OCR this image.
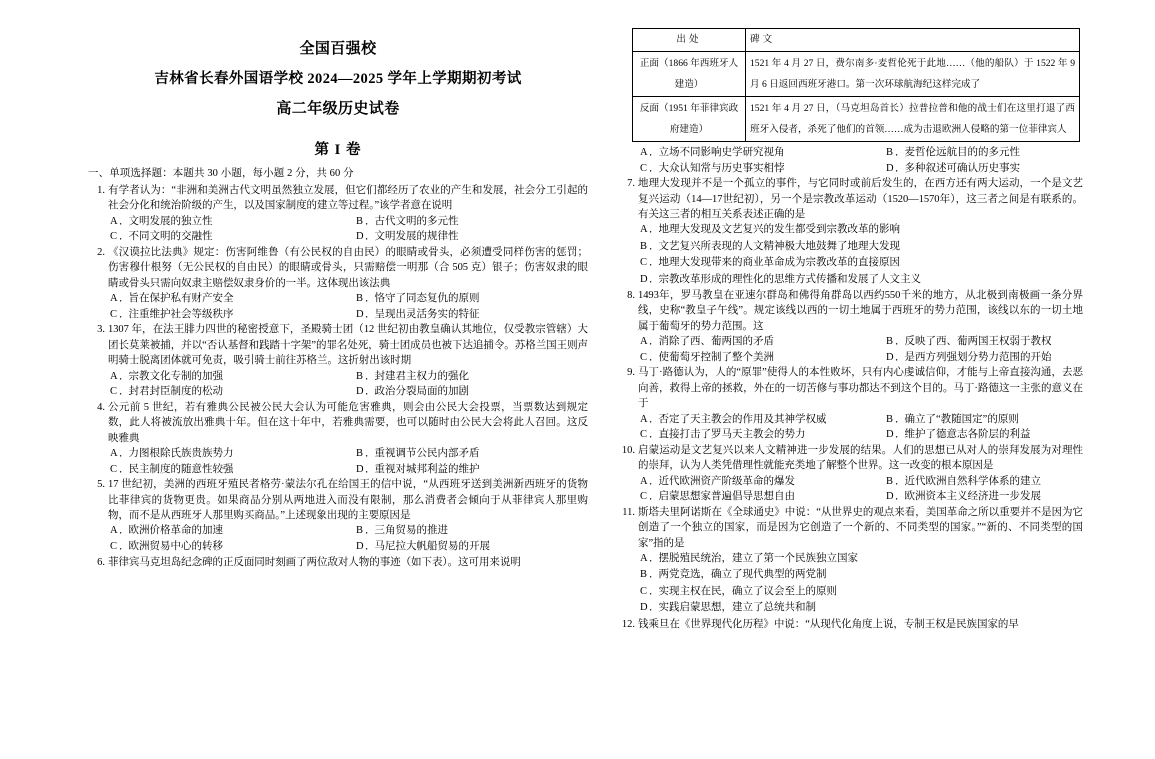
全国百强校
吉林省长春外国语学校 2024—2025 学年上学期期初考试
高二年级历史试卷
第 I 卷
一、单项选择题：本题共 30 小题，每小题 2 分，共 60 分
1. 有学者认为：“非洲和美洲古代文明虽然独立发展，但它们都经历了农业的产生和发展，社会分工引起的社会分化和统治阶级的产生，以及国家制度的建立等过程。”该学者意在说明
A．文明发展的独立性	B ．古代文明的多元性
C ．不同文明的交融性	D．文明发展的规律性
2. 《汉谟拉比法典》规定：伤害阿维鲁（有公民权的自由民）的眼睛或骨头，必须遭受同样伤害的惩罚；伤害穆什根努（无公民权的自由民）的眼睛或骨头，只需赔偿一明那（合 505 克）银子；伤害奴隶的眼睛或骨头只需向奴隶主赔偿奴隶身价的一半。这体现出该法典
A．旨在保护私有财产安全	B ．恪守了同态复仇的原则
C ．注重维护社会等级秩序	D．呈现出灵活务实的特征
3. 1307 年，在法王腓力四世的秘密授意下，圣殿骑士团（12 世纪初由教皇确认其地位，仅受教宗管辖）大团长莫莱被捕，并以“否认基督和践踏十字架”的罪名处死，骑士团成员也被下达追捕令。苏格兰国王则声明骑士脱离团体就可免责，吸引骑士前往苏格兰。这折射出该时期
A．宗教文化专制的加强	B ．封建君主权力的强化
C ．封君封臣制度的松动	D．政治分裂局面的加剧
4. 公元前 5 世纪，若有雅典公民被公民大会认为可能危害雅典，则会由公民大会投票，当票数达到规定数，此人将被流放出雅典十年。但在这十年中，若雅典需要，也可以随时由公民大会将此人召回。这反映雅典
A．力图根除氏族贵族势力	B ．重视调节公民内部矛盾
C ．民主制度的随意性较强	D．重视对城邦利益的维护
5. 17 世纪初，美洲的西班牙殖民者格劳·蒙法尔孔在给国王的信中说，“从西班牙送到美洲新西班牙的货物比菲律宾的货物更贵。如果商品分别从两地进入而没有限制，那么消费者会倾向于从菲律宾人那里购物，而不是从西班牙人那里购买商品。”上述现象出现的主要原因是
A．欧洲价格革命的加速	B ．三角贸易的推进
C ．欧洲贸易中心的转移	D．马尼拉大帆船贸易的开展
6. 菲律宾马克坦岛纪念碑的正反面同时刻画了两位敌对人物的事迹（如下表）。这可用来说明
出处	碑文
正面（1866 年西班牙人建造）	1521 年 4 月 27 日，费尔南多·麦哲伦死于此地……（他的船队）于 1522 年 9 月 6 日返回西班牙港口。第一次环球航海纪这样完成了
反面（1951 年菲律宾政府建造）	1521 年 4 月 27 日，（马克坦岛首长）拉普拉普和他的战士们在这里打退了西班牙入侵者，杀死了他们的首领……成为击退欧洲人侵略的第一位菲律宾人
A．立场不同影响史学研究视角	B ．麦哲伦远航目的的多元性
C ．大众认知常与历史事实相悖	D．多种叙述可确认历史事实
7. 地理大发现并不是一个孤立的事件，与它同时或前后发生的，在西方还有两大运动，一个是文艺复兴运动（14—17世纪初），另一个是宗教改革运动（1520—1570年），这三者之间是有联系的。有关这三者的相互关系表述正确的是
A．地理大发现及文艺复兴的发生都受到宗教改革的影响
B ．文艺复兴所表现的人文精神极大地鼓舞了地理大发现
C ．地理大发现带来的商业革命成为宗教改革的直接原因
D．宗教改革形成的理性化的思维方式传播和发展了人文主义
8. 1493年，罗马教皇在亚速尔群岛和佛得角群岛以西约550千米的地方，从北极到南极画一条分界线，史称“教皇子午线”。规定该线以西的一切土地属于西班牙的势力范围，该线以东的一切土地属于葡萄牙的势力范围。这
A．消除了西、葡两国的矛盾	B ．反映了西、葡两国王权弱于教权
C ．使葡萄牙控制了整个美洲	D．是西方列强划分势力范围的开始
9. 马丁·路德认为，人的“原罪”使得人的本性败坏，只有内心虔诚信仰，才能与上帝直接沟通，去恶向善，救得上帝的拯救，外在的一切苦修与事功都达不到这个目的。马丁·路德这一主张的意义在于
A．否定了天主教会的作用及其神学权威	B ．确立了“教随国定”的原则
C ．直接打击了罗马天主教会的势力	D．维护了德意志各阶层的利益
10. 启蒙运动是文艺复兴以来人文精神进一步发展的结果。人们的思想已从对人的崇拜发展为对理性的崇拜，认为人类凭借理性就能充类地了解整个世界。这一改变的根本原因是
A．近代欧洲资产阶级革命的爆发	B ．近代欧洲自然科学体系的建立
C ．启蒙思想家普遍倡导思想自由	D．欧洲资本主义经济进一步发展
11. 斯塔夫里阿诺斯在《全球通史》中说：“从世界史的观点来看，美国革命之所以重要并不是因为它创造了一个独立的国家，而是因为它创造了一个新的、不同类型的国家。”“新的、不同类型的国家”指的是
A．摆脱殖民统治，建立了第一个民族独立国家
B ．两党竞选，确立了现代典型的两党制
C ．实现主权在民，确立了议会至上的原则
D．实践启蒙思想，建立了总统共和制
12. 钱乘旦在《世界现代化历程》中说：“从现代化角度上说，专制王权是民族国家的早
